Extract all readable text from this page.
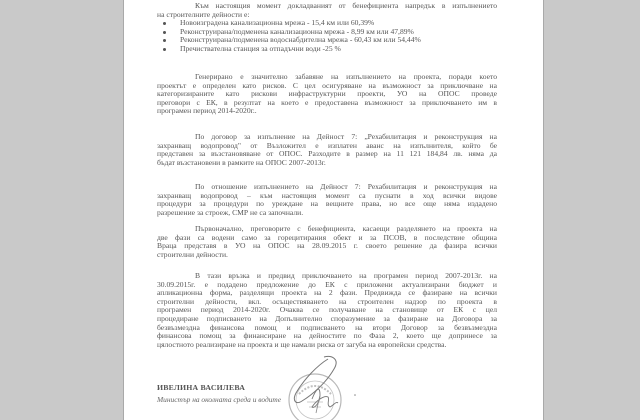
Към настоящия момент докладваният от бенефициента напредък в изпълнението
на строителните дейности е:
Новоизградена канализационна мрежа - 15,4 км или 60,39%
Реконструирана/подменена канализационна мрежа - 8,99 км или 47,89%
Реконструирана/подменена водоснабдителна мрежа - 60,43 км или 54,44%
Пречиствателна станция за отпадъчни води -25 %
Генерирано е значително забавяне на изпълнението на проекта, поради което
проектът е определен като рисков. С цел осигуряване на възможност за приключване на
категоризираните като рискови инфраструктурни проекти, УО на ОПОС проведе
преговори с ЕК, в резултат на което е предоставена възможност за приключването им в
програмен период 2014-2020г..
По договор за изпълнение на Дейност 7: „Рехабилитация и реконструкция на
захранващ водопровод" от Възложител е изплатен аванс на изпълнителя, който бе
представен за възстановяване от ОПОС. Разходите в размер на 11 121 184,84 лв. няма да
бъдат възстановени в рамките на ОПОС 2007-2013г.
По отношение изпълнението на Дейност 7: Рехабилитация и реконструкция на
захранващ водопровод – към настоящия момент са пуснати в ход всички видове
процедури за процедури по уреждане на вещните права, но все още няма издадено
разрешение за строеж, СМР не са започнали.
Първоначално, преговорите с бенефициента, касаещи разделянето на проекта на
две фази са водени само за горецитирания обект и за ПСОВ, в последствие община
Враца представя в УО на ОПОС на 28.09.2015 г. своето решение да фазира всички
строителни дейности.
В тази връзка и предвид приключването на програмен период 2007-2013г. на
30.09.2015г. е подадено предложение до ЕК с приложени актуализирани бюджет и
апликационна форма, разделящи проекта на 2 фази. Предвижда се фазиране на всички
строителни дейности, вкл. осъществяването на строителен надзор по проекта в
програмен период 2014-2020г. Очаква се получаване на становище от ЕК с цел
процедиране подписването на Допълнително споразумение за фазиране на Договора за
безвъзмездна финансова помощ и подписването на втори Договор за безвъзмездна
финансова помощ за финансиране на дейностите по Фаза 2, което ще допринесе за
цялостното реализиране на проекта и ще намали риска от загуба на европейски средства.
ИВЕЛИНА ВАСИЛЕВА
Министър на околната среда и водите
